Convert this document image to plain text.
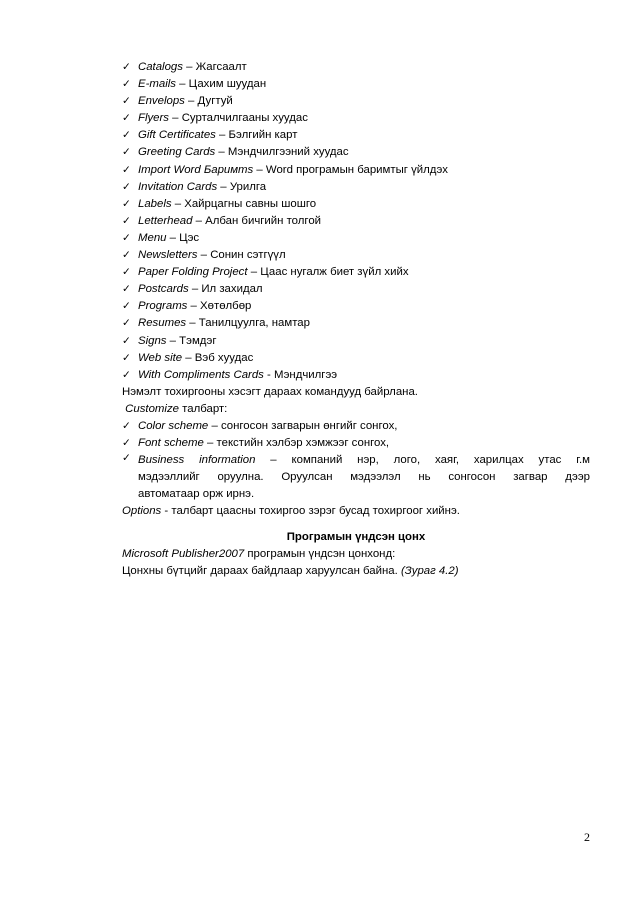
✓ Catalogs – Жагсаалт
✓ E-mails – Цахим шуудан
✓ Envelops – Дугтуй
✓ Flyers – Сурталчилгааны хуудас
✓ Gift Certificates – Бэлгийн карт
✓ Greeting Cards – Мэндчилгээний хуудас
✓ Import Word Баримms – Word програмын баримтыг үйлдэх
✓ Invitation Cards – Урилга
✓ Labels – Хайрцагны савны шошго
✓ Letterhead – Албан бичгийн толгой
✓ Menu – Цэс
✓ Newsletters – Сонин сэтгүүл
✓ Paper Folding Project – Цаас нугалж биет зүйл хийх
✓ Postcards – Ил захидал
✓ Programs – Хөтөлбөр
✓ Resumes – Танилцуулга, намтар
✓ Signs – Тэмдэг
✓ Web site – Вэб хуудас
✓ With Compliments Cards - Мэндчилгээ
Нэмэлт тохиргооны хэсэгт дараах командууд байрлана.
Customize талбарт:
✓ Color scheme – сонгосон загварын өнгийг сонгох,
✓ Font scheme – текстийн хэлбэр хэмжээг сонгох,
✓ Business information – компаний нэр, лого, хаяг, харилцах утас г.м
мэдээллийг оруулна. Оруулсан мэдээлэл нь сонгосон загвар дээр
автоматаар орж ирнэ.
Options - талбарт цаасны тохиргоо зэрэг бусад тохиргоог хийнэ.
Програмын үндсэн цонх
Microsoft Publisher2007 програмын үндсэн цонхонд:
Цонхны бүтцийг дараах байдлаар харуулсан байна. (Зураг 4.2)
2
